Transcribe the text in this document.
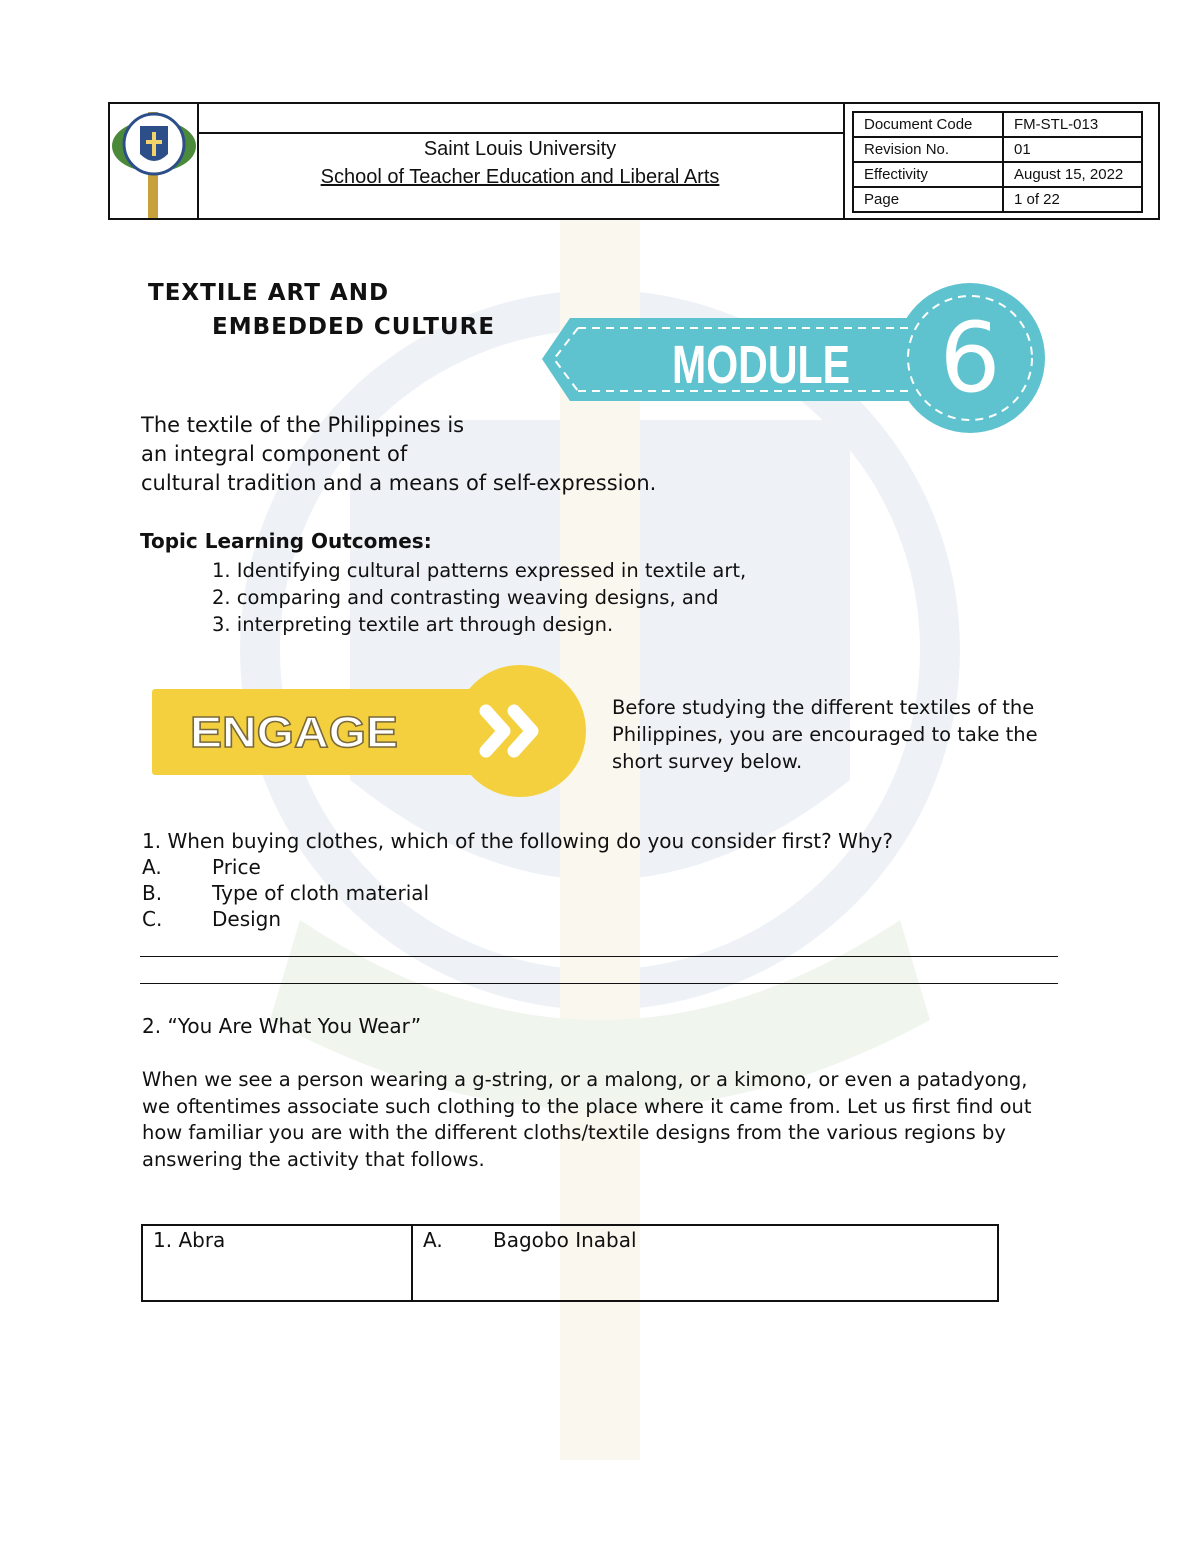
Saint Louis University
School of Teacher Education and Liberal Arts
Document Code	FM-STL-013
Revision No.	01
Effectivity	August 15, 2022
Page	1 of 22
TEXTILE ART AND
EMBEDDED CULTURE
MODULE 6
The textile of the Philippines is
an integral component of
cultural tradition and a means of self-expression.
Topic Learning Outcomes:
1. Identifying cultural patterns expressed in textile art,
2. comparing and contrasting weaving designs, and
3. interpreting textile art through design.
ENGAGE
Before studying the different textiles of the Philippines, you are encouraged to take the short survey below.
1. When buying clothes, which of the following do you consider first? Why?
A.	Price
B. Type of cloth material
C. Design
2. “You Are What You Wear”
When we see a person wearing a g-string, or a malong, or a kimono, or even a patadyong, we oftentimes associate such clothing to the place where it came from. Let us first find out how familiar you are with the different cloths/textile designs from the various regions by answering the activity that follows.
1. Abra	A.	Bagobo Inabal
